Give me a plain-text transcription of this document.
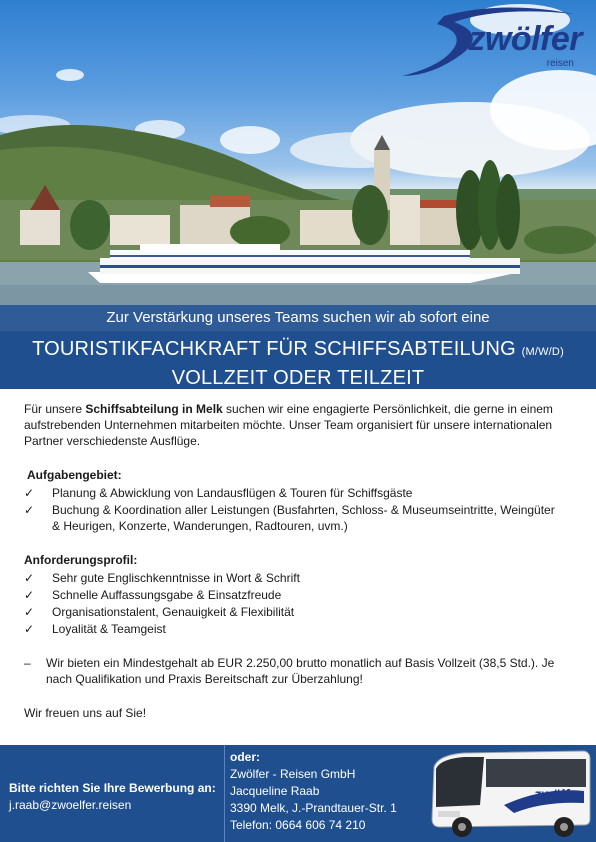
zwölfer
reisen
Zur Verstärkung unseres Teams suchen wir ab sofort eine
TOURISTIKFACHKRAFT FÜR SCHIFFSABTEILUNG (M/W/D)
VOLLZEIT ODER TEILZEIT

Für unsere Schiffsabteilung in Melk suchen wir eine engagierte Persönlichkeit, die gerne in einem aufstrebenden Unternehmen mitarbeiten möchte. Unser Team organisiert für unsere internationalen Partner verschiedenste Ausflüge.

Aufgabengebiet:
✓	Planung & Abwicklung von Landausflügen & Touren für Schiffsgäste
✓	Buchung & Koordination aller Leistungen (Busfahrten, Schloss- & Museumseintritte, Weingüter & Heurigen, Konzerte, Wanderungen, Radtouren, uvm.)
Anforderungsprofil:
✓	Sehr gute Englischkenntnisse in Wort & Schrift
✓	Schnelle Auffassungsgabe & Einsatzfreude
✓	Organisationstalent, Genauigkeit & Flexibilität
✓	Loyalität & Teamgeist
– Wir bieten ein Mindestgehalt ab EUR 2.250,00 brutto monatlich auf Basis Vollzeit (38,5 Std.). Je nach Qualifikation und Praxis Bereitschaft zur Überzahlung!

Wir freuen uns auf Sie!

Bitte richten Sie Ihre Bewerbung an:
j.raab@zwoelfer.reisen
oder:
Zwölfer - Reisen GmbH
Jacqueline Raab
3390 Melk, J.-Prandtauer-Str. 1
Telefon: 0664 606 74 210
zwölfer
